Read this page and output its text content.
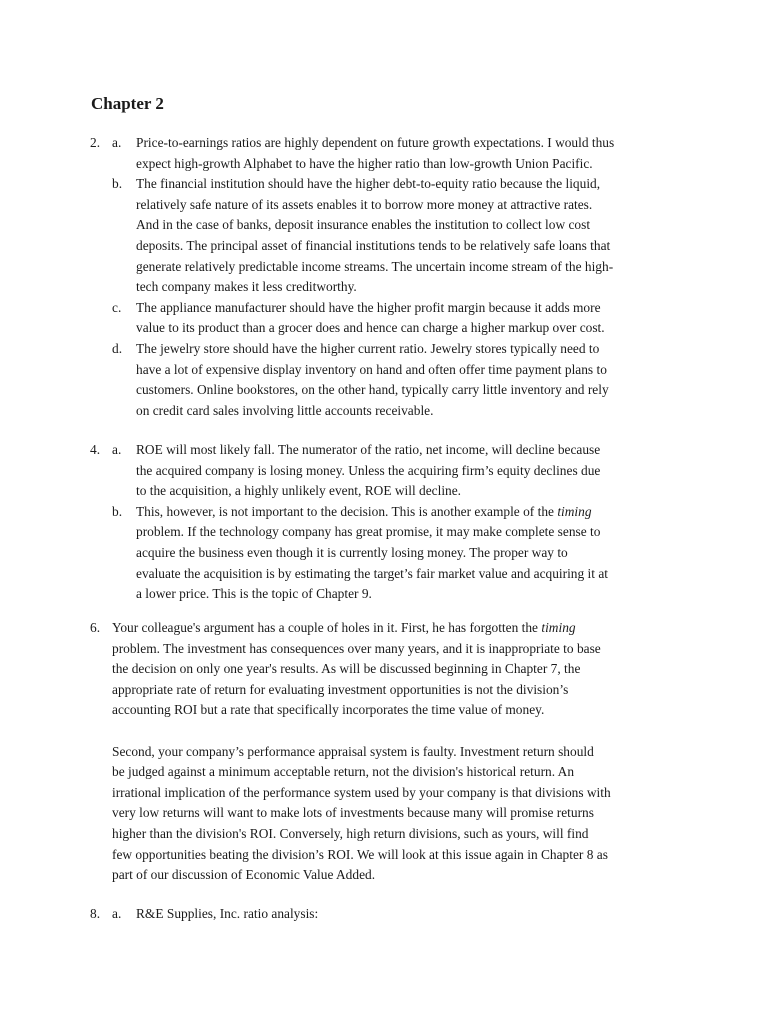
Chapter 2
2. a. Price-to-earnings ratios are highly dependent on future growth expectations. I would thus
expect high-growth Alphabet to have the higher ratio than low-growth Union Pacific.
b. The financial institution should have the higher debt-to-equity ratio because the liquid,
relatively safe nature of its assets enables it to borrow more money at attractive rates.
And in the case of banks, deposit insurance enables the institution to collect low cost
deposits. The principal asset of financial institutions tends to be relatively safe loans that
generate relatively predictable income streams. The uncertain income stream of the high-
tech company makes it less creditworthy.
c. The appliance manufacturer should have the higher profit margin because it adds more
value to its product than a grocer does and hence can charge a higher markup over cost.
d. The jewelry store should have the higher current ratio. Jewelry stores typically need to
have a lot of expensive display inventory on hand and often offer time payment plans to
customers. Online bookstores, on the other hand, typically carry little inventory and rely
on credit card sales involving little accounts receivable.
4. a. ROE will most likely fall. The numerator of the ratio, net income, will decline because
the acquired company is losing money. Unless the acquiring firm’s equity declines due
to the acquisition, a highly unlikely event, ROE will decline.
b. This, however, is not important to the decision. This is another example of the timing
problem. If the technology company has great promise, it may make complete sense to
acquire the business even though it is currently losing money. The proper way to
evaluate the acquisition is by estimating the target’s fair market value and acquiring it at
a lower price. This is the topic of Chapter 9.
6. Your colleague's argument has a couple of holes in it. First, he has forgotten the timing
problem. The investment has consequences over many years, and it is inappropriate to base
the decision on only one year's results. As will be discussed beginning in Chapter 7, the
appropriate rate of return for evaluating investment opportunities is not the division’s
accounting ROI but a rate that specifically incorporates the time value of money.
Second, your company’s performance appraisal system is faulty. Investment return should
be judged against a minimum acceptable return, not the division's historical return. An
irrational implication of the performance system used by your company is that divisions with
very low returns will want to make lots of investments because many will promise returns
higher than the division's ROI. Conversely, high return divisions, such as yours, will find
few opportunities beating the division’s ROI. We will look at this issue again in Chapter 8 as
part of our discussion of Economic Value Added.
8. a. R&E Supplies, Inc. ratio analysis:
